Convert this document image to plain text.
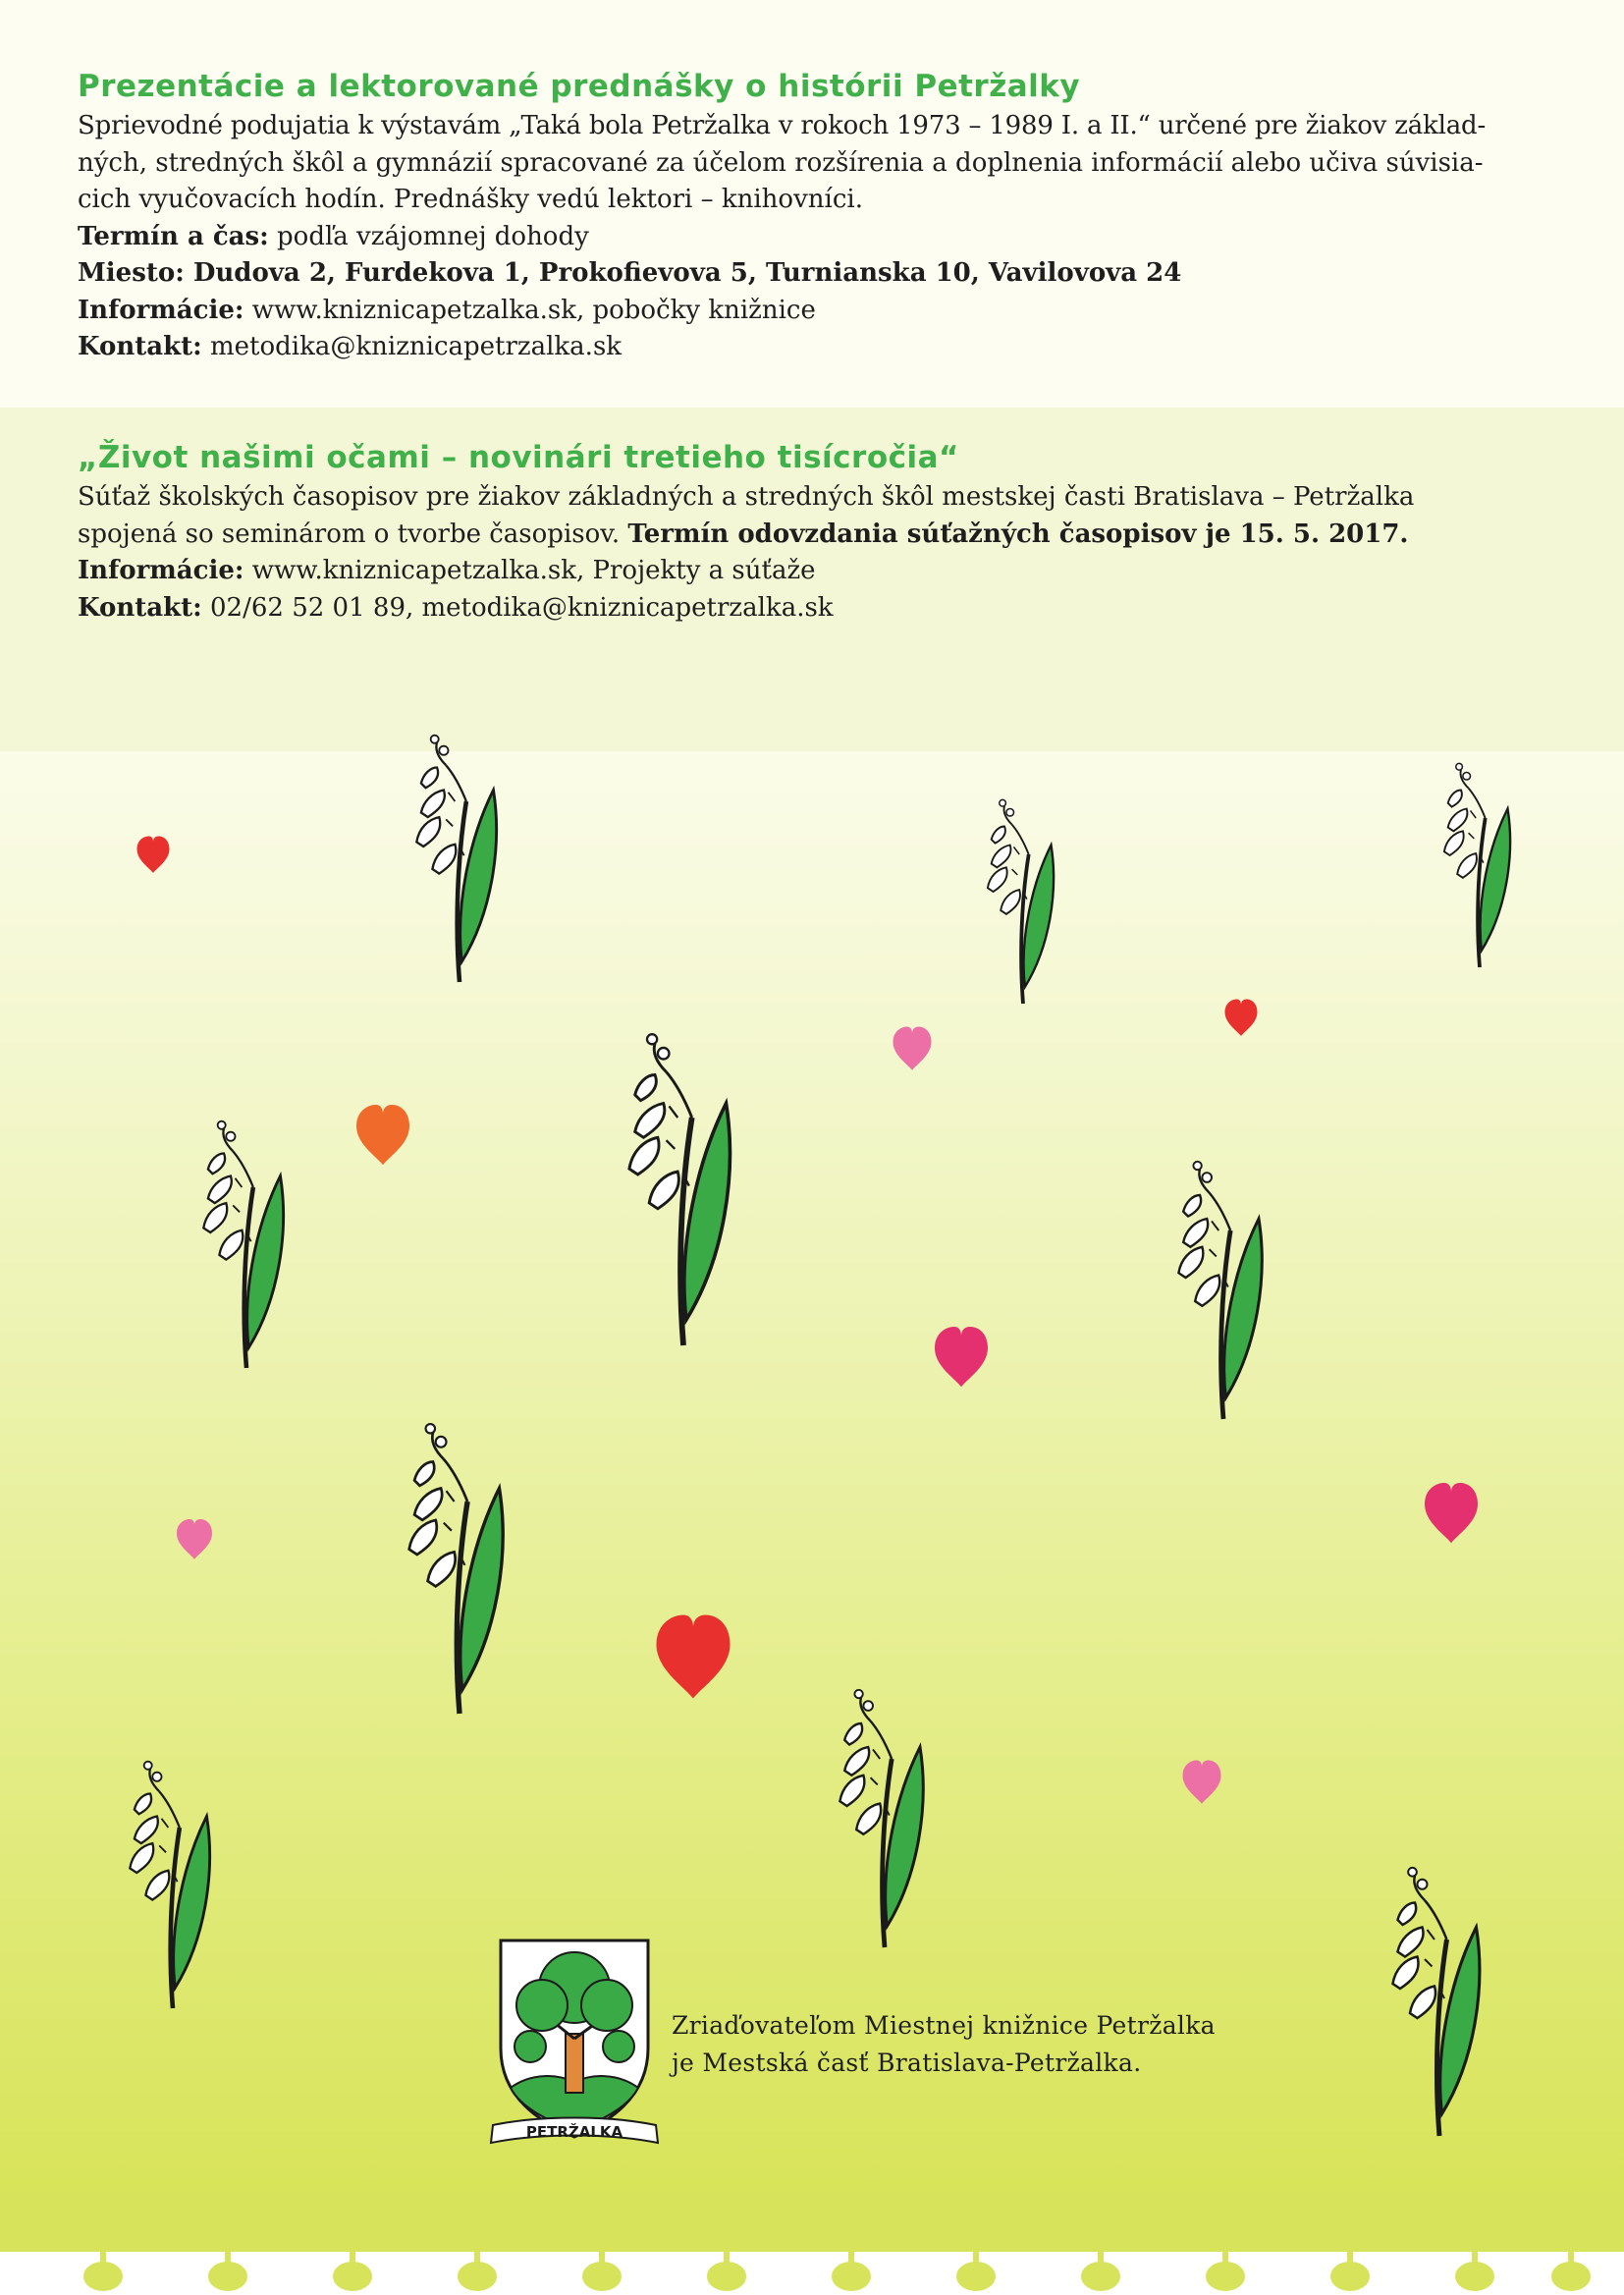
Prezentácie a lektorované prednášky o histórii Petržalky

Sprievodné podujatia k výstavám „Taká bola Petržalka v rokoch 1973 – 1989 I. a II.“ určené pre žiakov základ-

ných, stredných škôl a gymnázií spracované za účelom rozšírenia a doplnenia informácií alebo učiva súvisia-

cich vyučovacích hodín. Prednášky vedú lektori – knihovníci.

Termín a čas: podľa vzájomnej dohody

Miesto: Dudova 2, Furdekova 1, Prokofievova 5, Turnianska 10, Vavilovova 24

Informácie: www.kniznicapetzalka.sk, pobočky knižnice

Kontakt: metodika@kniznicapetrzalka.sk

„Život našimi očami – novinári tretieho tisícročia“

Súťaž školských časopisov pre žiakov základných a stredných škôl mestskej časti Bratislava – Petržalka

spojená so seminárom o tvorbe časopisov. Termín odovzdania súťažných časopisov je 15. 5. 2017.

Informácie: www.kniznicapetzalka.sk, Projekty a súťaže

Kontakt: 02/62 52 01 89, metodika@kniznicapetrzalka.sk

PETRŽALKA
Zriaďovateľom Miestnej knižnice Petržalka
je Mestská časť Bratislava-Petržalka.
